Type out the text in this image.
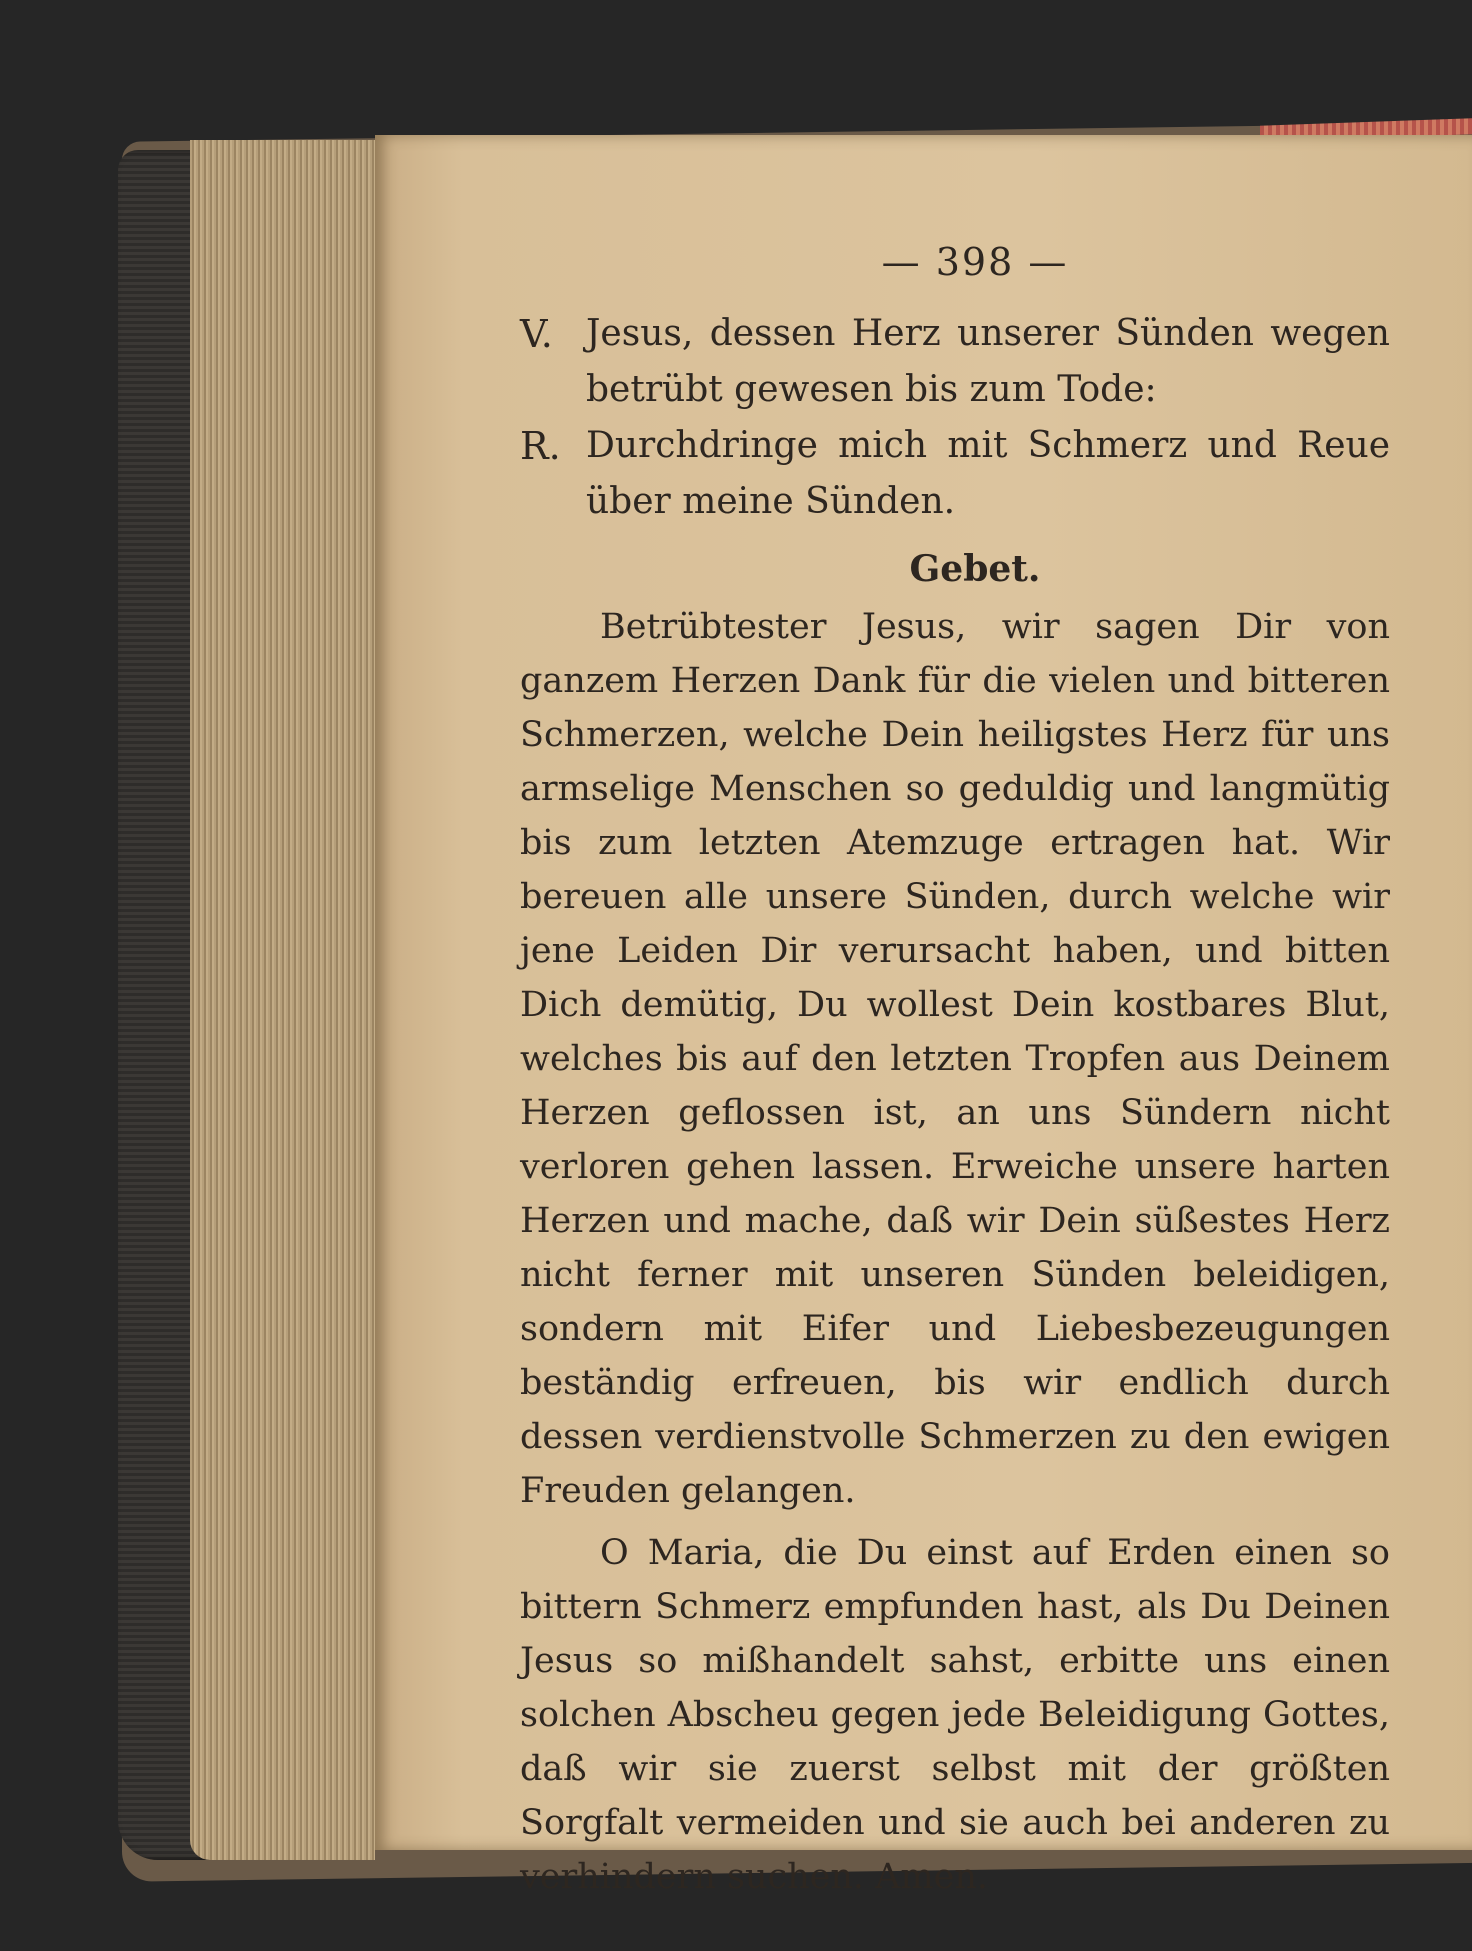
— 398 —
V. Jesus, dessen Herz unserer Sünden wegen betrübt gewesen bis zum Tode:
R. Durchdringe mich mit Schmerz und Reue über meine Sünden.
Gebet.

Betrübtester Jesus, wir sagen Dir von ganzem Herzen Dank für die vielen und bitteren Schmerzen, welche Dein heiligstes Herz für uns armselige Menschen so geduldig und langmütig bis zum letzten Atemzuge ertragen hat. Wir bereuen alle unsere Sünden, durch welche wir jene Leiden Dir verursacht haben, und bitten Dich demütig, Du wollest Dein kostbares Blut, welches bis auf den letzten Tropfen aus Deinem Herzen geflossen ist, an uns Sündern nicht verloren gehen lassen. Erweiche unsere harten Herzen und mache, daß wir Dein süßestes Herz nicht ferner mit unseren Sünden beleidigen, sondern mit Eifer und Liebesbezeugungen beständig erfreuen, bis wir endlich durch dessen verdienstvolle Schmerzen zu den ewigen Freuden gelangen.

O Maria, die Du einst auf Erden einen so bittern Schmerz empfunden hast, als Du Deinen Jesus so mißhandelt sahst, erbitte uns einen solchen Abscheu gegen jede Beleidigung Gottes, daß wir sie zuerst selbst mit der größten Sorgfalt vermeiden und sie auch bei anderen zu verhindern suchen. Amen.
